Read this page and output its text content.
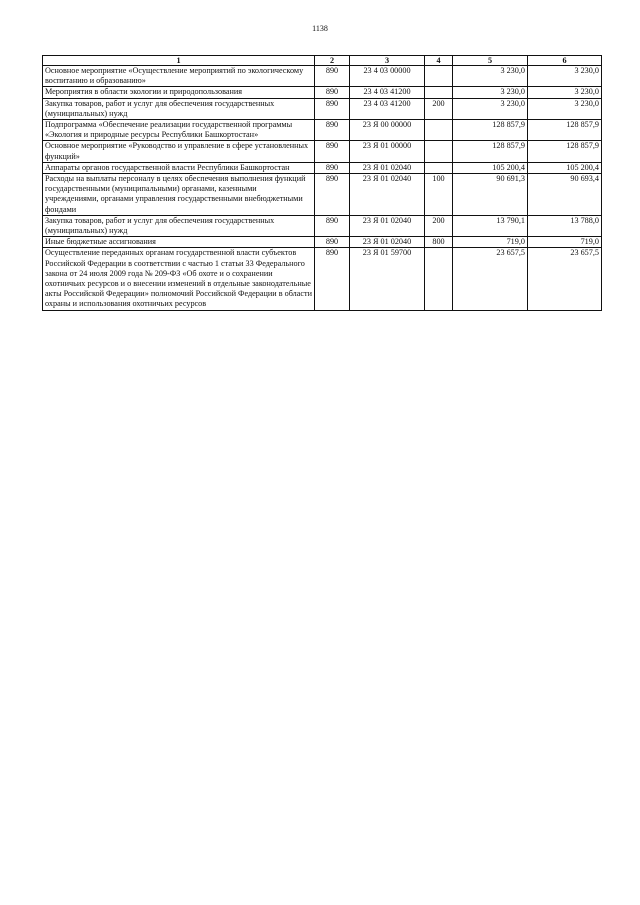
1138
1	2	3	4	5	6
Основное мероприятие «Осуществление мероприятий по экологическому воспитанию и образованию»	890	23 4 03 00000		3 230,0	3 230,0
Мероприятия в области экологии и природопользования	890	23 4 03 41200		3 230,0	3 230,0
Закупка товаров, работ и услуг для обеспечения государственных (муниципальных) нужд	890	23 4 03 41200	200	3 230,0	3 230,0
Подпрограмма «Обеспечение реализации государственной программы «Экология и природные ресурсы Республики Башкортостан»	890	23 Я 00 00000		128 857,9	128 857,9
Основное мероприятие «Руководство и управление в сфере установленных функций»	890	23 Я 01 00000		128 857,9	128 857,9
Аппараты органов государственной власти Республики Башкортостан	890	23 Я 01 02040		105 200,4	105 200,4
Расходы на выплаты персоналу в целях обеспечения выполнения функций государственными (муниципальными) органами, казенными учреждениями, органами управления государственными внебюджетными фондами	890	23 Я 01 02040	100	90 691,3	90 693,4
Закупка товаров, работ и услуг для обеспечения государственных (муниципальных) нужд	890	23 Я 01 02040	200	13 790,1	13 788,0
Иные бюджетные ассигнования	890	23 Я 01 02040	800	719,0	719,0
Осуществление переданных органам государственной власти субъектов Российской Федерации в соответствии с частью 1 статьи 33 Федерального закона от 24 июля 2009 года № 209-ФЗ «Об охоте и о сохранении охотничьих ресурсов и о внесении изменений в отдельные законодательные акты Российской Федерации» полномочий Российской Федерации в области охраны и использования охотничьих ресурсов	890	23 Я 01 59700		23 657,5	23 657,5
